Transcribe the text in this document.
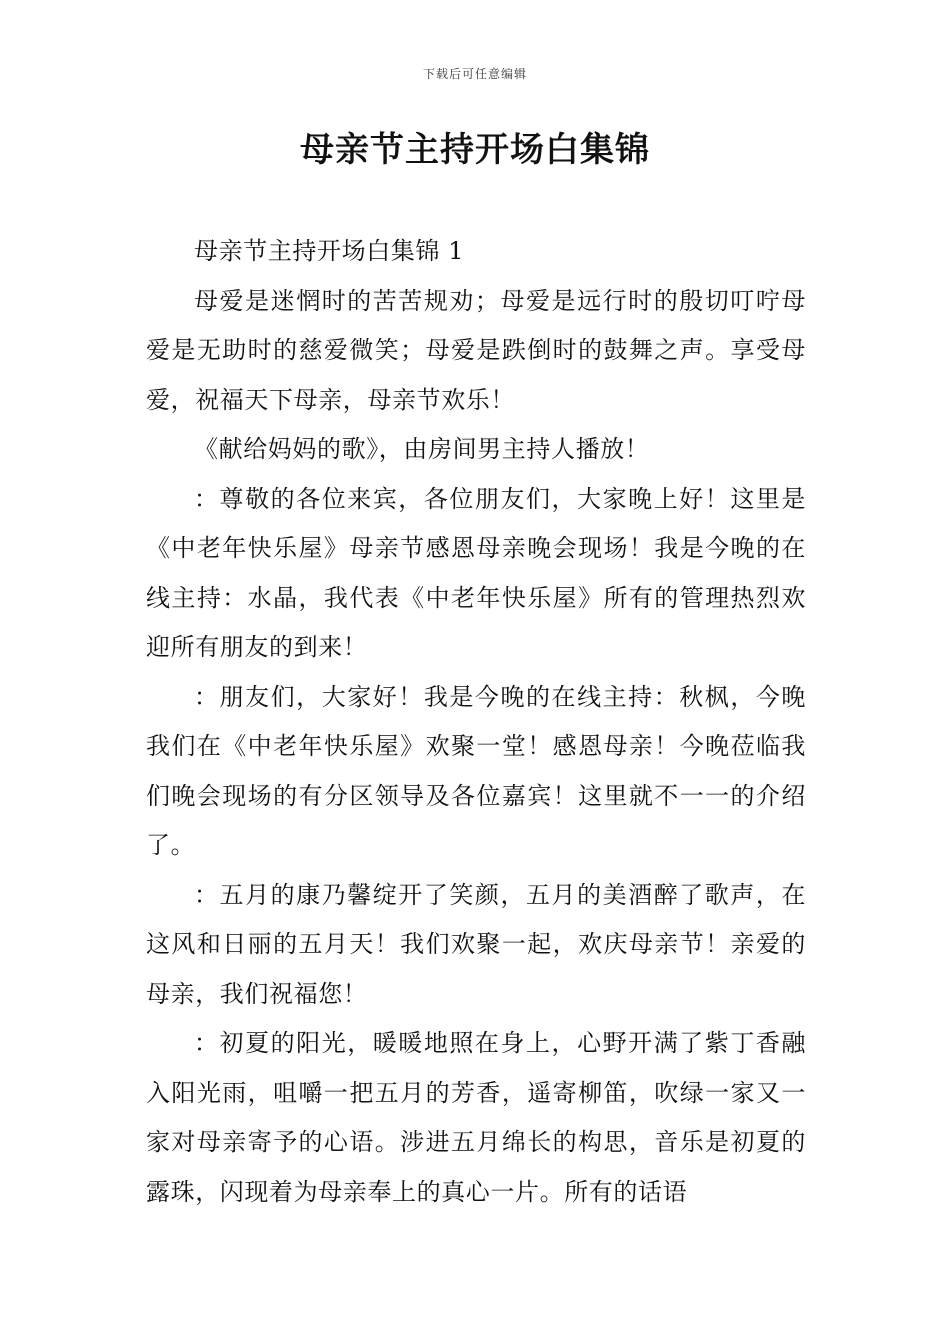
下载后可任意编辑
母亲节主持开场白集锦

母亲节主持开场白集锦 1

母爱是迷惘时的苦苦规劝；母爱是远行时的殷切叮咛母爱是无助时的慈爱微笑；母爱是跌倒时的鼓舞之声。享受母爱，祝福天下母亲，母亲节欢乐！

《献给妈妈的歌》，由房间男主持人播放！

：尊敬的各位来宾，各位朋友们，大家晚上好！这里是《中老年快乐屋》母亲节感恩母亲晚会现场！我是今晚的在线主持：水晶，我代表《中老年快乐屋》所有的管理热烈欢迎所有朋友的到来！

：朋友们，大家好！我是今晚的在线主持：秋枫，今晚我们在《中老年快乐屋》欢聚一堂！感恩母亲！今晚莅临我们晚会现场的有分区领导及各位嘉宾！这里就不一一的介绍了。

：五月的康乃馨绽开了笑颜，五月的美酒醉了歌声，在这风和日丽的五月天！我们欢聚一起，欢庆母亲节！亲爱的母亲，我们祝福您！

：初夏的阳光，暖暖地照在身上，心野开满了紫丁香融入阳光雨，咀嚼一把五月的芳香，遥寄柳笛，吹绿一家又一家对母亲寄予的心语。涉进五月绵长的构思，音乐是初夏的露珠，闪现着为母亲奉上的真心一片。所有的话语
